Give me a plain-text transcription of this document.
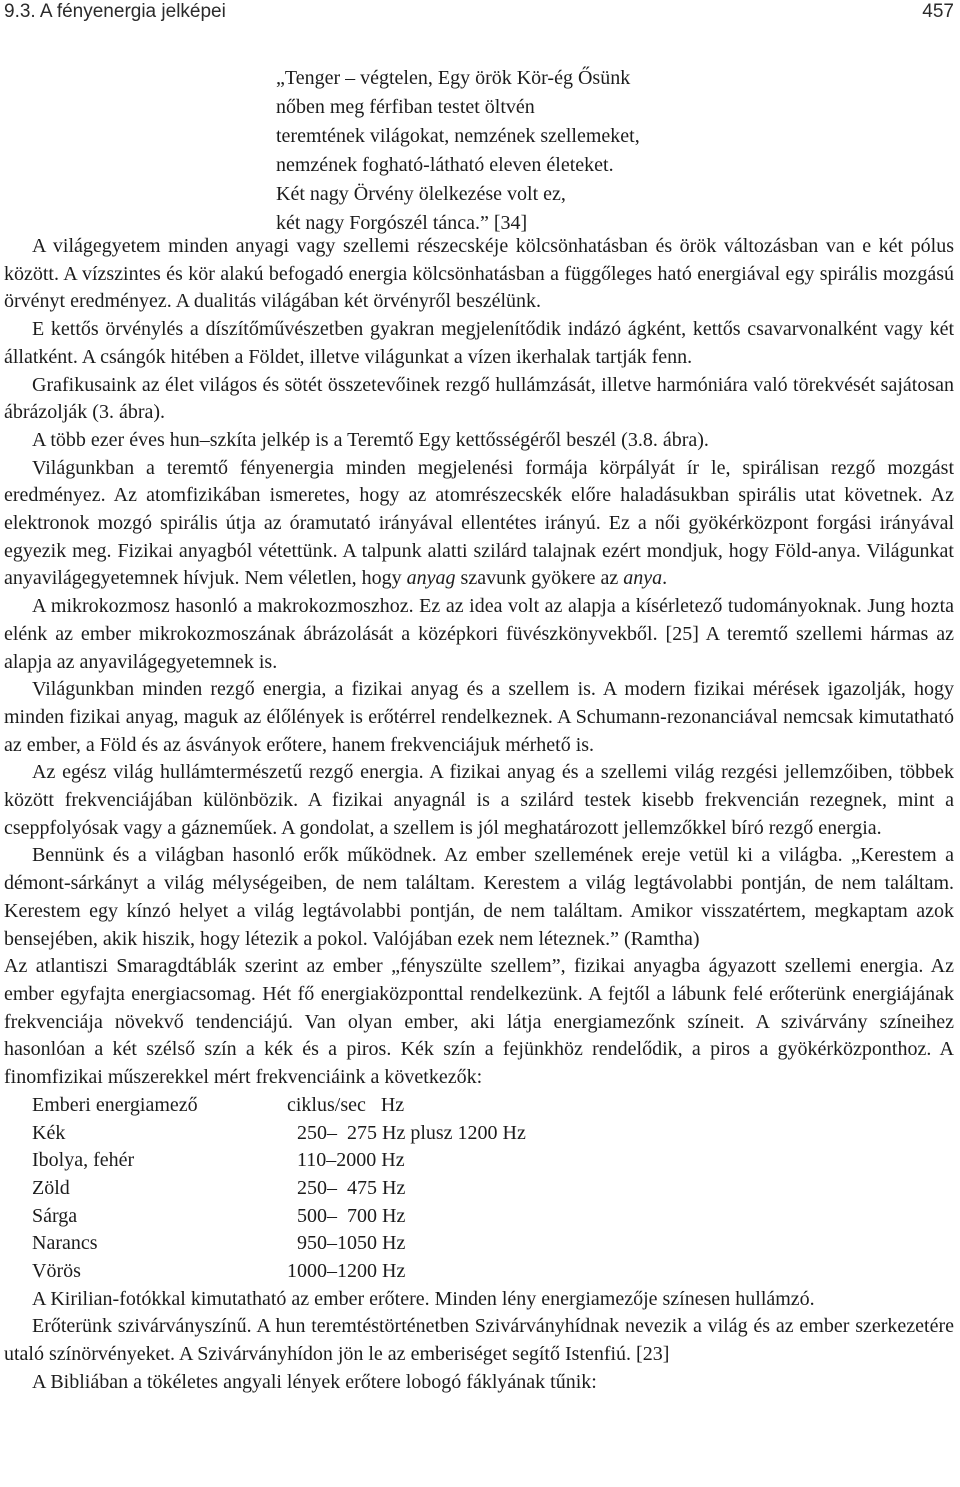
9.3. A fényenergia jelképei	457
„Tenger – végtelen, Egy örök Kör-ég Ősünk
nőben meg férfiban testet öltvén
teremtének világokat, nemzének szellemeket,
nemzének fogható-látható eleven életeket.
Két nagy Örvény ölelkezése volt ez,
két nagy Forgószél tánca.” [34]

A világegyetem minden anyagi vagy szellemi részecskéje kölcsönhatásban és örök változásban van e két pólus között. A vízszintes és kör alakú befogadó energia kölcsönhatásban a függőleges ható energiával egy spirális mozgású örvényt eredményez. A dualitás világában két örvényről beszélünk.

E kettős örvénylés a díszítőművészetben gyakran megjelenítődik indázó ágként, kettős csavarvonalként vagy két állatként. A csángók hitében a Földet, illetve világunkat a vízen ikerhalak tartják fenn.

Grafikusaink az élet világos és sötét összetevőinek rezgő hullámzását, illetve harmóniára való törekvését sajátosan ábrázolják (3. ábra).

A több ezer éves hun–szkíta jelkép is a Teremtő Egy kettősségéről beszél (3.8. ábra).

Világunkban a teremtő fényenergia minden megjelenési formája körpályát ír le, spirálisan rezgő mozgást eredményez. Az atomfizikában ismeretes, hogy az atomrészecskék előre haladásukban spirális utat követnek. Az elektronok mozgó spirális útja az óramutató irányával ellentétes irányú. Ez a női gyökérközpont forgási irányával egyezik meg. Fizikai anyagból vétettünk. A talpunk alatti szilárd talajnak ezért mondjuk, hogy Föld-anya. Világunkat anyavilágegyetemnek hívjuk. Nem véletlen, hogy anyag szavunk gyökere az anya.

A mikrokozmosz hasonló a makrokozmoszhoz. Ez az idea volt az alapja a kísérletező tudományoknak. Jung hozta elénk az ember mikrokozmoszának ábrázolását a középkori füvészkönyvekből. [25] A teremtő szellemi hármas az alapja az anyavilágegyetemnek is.

Világunkban minden rezgő energia, a fizikai anyag és a szellem is. A modern fizikai mérések igazolják, hogy minden fizikai anyag, maguk az élőlények is erőtérrel rendelkeznek. A Schumann-rezonanciával nemcsak kimutatható az ember, a Föld és az ásványok erőtere, hanem frekvenciájuk mérhető is.

Az egész világ hullámtermészetű rezgő energia. A fizikai anyag és a szellemi világ rezgési jellemzőiben, többek között frekvenciájában különbözik. A fizikai anyagnál is a szilárd testek kisebb frekvencián rezegnek, mint a cseppfolyósak vagy a gázneműek. A gondolat, a szellem is jól meghatározott jellemzőkkel bíró rezgő energia.

Bennünk és a világban hasonló erők működnek. Az ember szellemének ereje vetül ki a világba. „Kerestem a démont-sárkányt a világ mélységeiben, de nem találtam. Kerestem a világ legtávolabbi pontján, de nem találtam. Kerestem egy kínzó helyet a világ legtávolabbi pontján, de nem találtam. Amikor visszatértem, megkaptam azok bensejében, akik hiszik, hogy létezik a pokol. Valójában ezek nem léteznek.” (Ramtha)

Az atlantiszi Smaragdtáblák szerint az ember „fényszülte szellem”, fizikai anyagba ágyazott szellemi energia. Az ember egyfajta energiacsomag. Hét fő energiaközponttal rendelkezünk. A fejtől a lábunk felé erőterünk energiájának frekvenciája növekvő tendenciájú. Van olyan ember, aki látja energiamezőnk színeit. A szivárvány színeihez hasonlóan a két szélső szín a kék és a piros. Kék szín a fejünkhöz rendelődik, a piros a gyökérközponthoz. A finomfizikai műszerekkel mért frekvenciáink a következők:

Emberi energiamező	ciklus/sec   Hz
Kék	250–  275 Hz plusz 1200 Hz
Ibolya, fehér	110–2000 Hz
Zöld	250–  475 Hz
Sárga	500–  700 Hz
Narancs	950–1050 Hz
Vörös	1000–1200 Hz

A Kirilian-fotókkal kimutatható az ember erőtere. Minden lény energiamezője színesen hullámzó.

Erőterünk szivárványszínű. A hun teremtéstörténetben Szivárványhídnak nevezik a világ és az ember szerkezetére utaló színörvényeket. A Szivárványhídon jön le az emberiséget segítő Istenfiú. [23]

A Bibliában a tökéletes angyali lények erőtere lobogó fáklyának tűnik:
